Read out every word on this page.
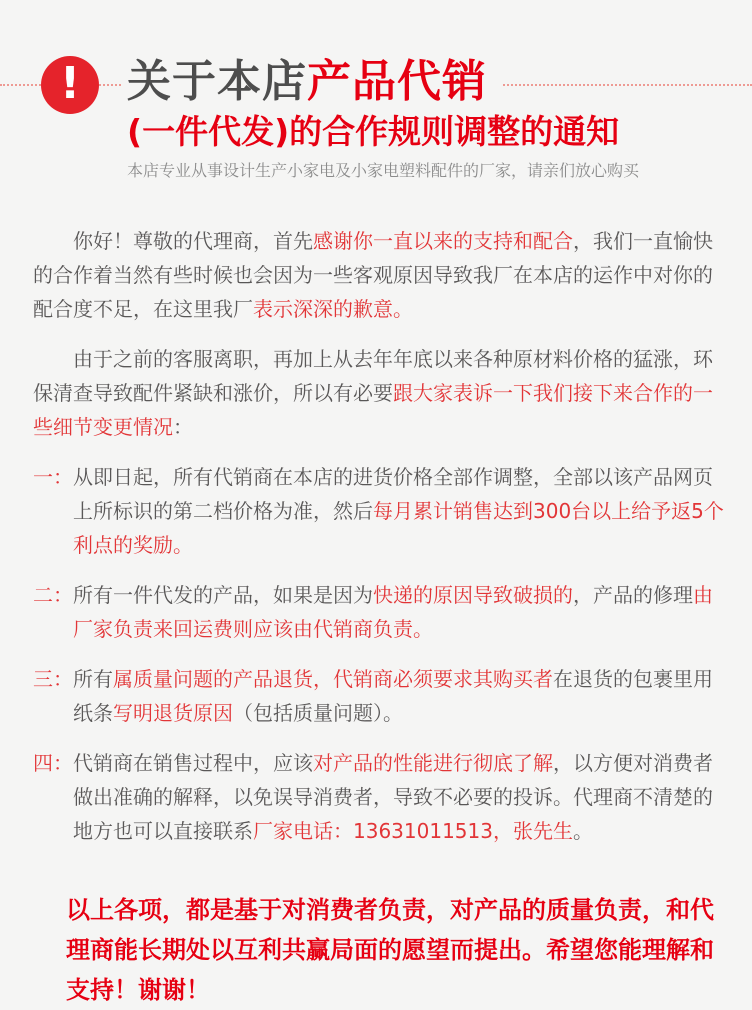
!	关于本店产品代销
(一件代发)的合作规则调整的通知

本店专业从事设计生产小家电及小家电塑料配件的厂家，请亲们放心购买

你好！尊敬的代理商，首先感谢你一直以来的支持和配合，我们一直愉快的合作着当然有些时候也会因为一些客观原因导致我厂在本店的运作中对你的配合度不足，在这里我厂表示深深的歉意。

由于之前的客服离职，再加上从去年年底以来各种原材料价格的猛涨，环保清查导致配件紧缺和涨价，所以有必要跟大家表诉一下我们接下来合作的一些细节变更情况：

一：从即日起，所有代销商在本店的进货价格全部作调整，全部以该产品网页上所标识的第二档价格为准，然后每月累计销售达到300台以上给予返5个利点的奖励。
二：所有一件代发的产品，如果是因为快递的原因导致破损的，产品的修理由厂家负责来回运费则应该由代销商负责。
三：所有属质量问题的产品退货，代销商必须要求其购买者在退货的包裹里用纸条写明退货原因（包括质量问题）。
四：代销商在销售过程中，应该对产品的性能进行彻底了解，以方便对消费者做出准确的解释，以免误导消费者，导致不必要的投诉。代理商不清楚的地方也可以直接联系厂家电话：13631011513，张先生。

以上各项，都是基于对消费者负责，对产品的质量负责，和代理商能长期处以互利共赢局面的愿望而提出。希望您能理解和支持！谢谢！
